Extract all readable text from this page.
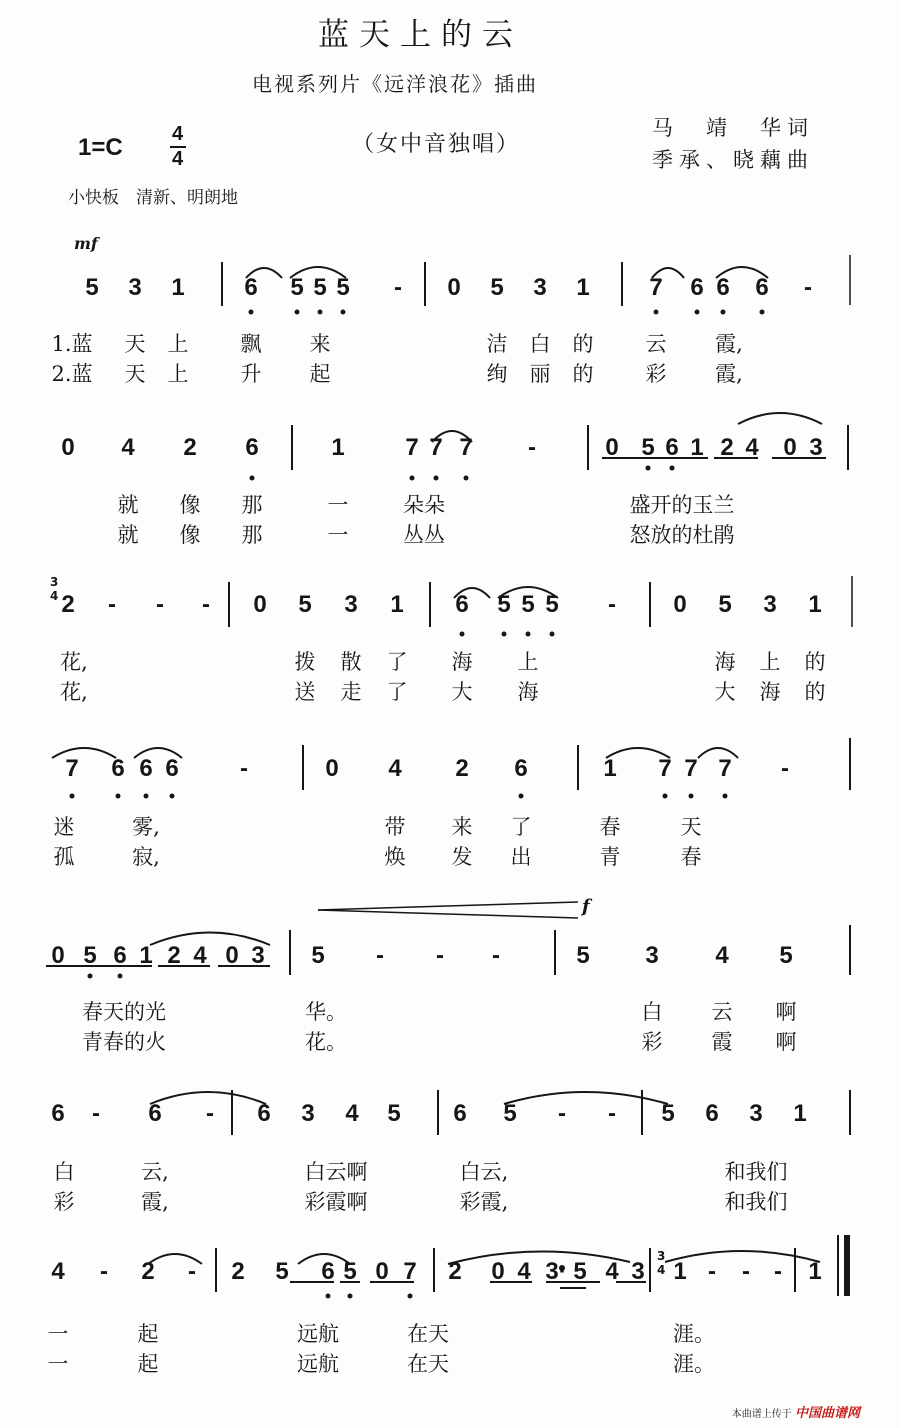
蓝天上的云
电视系列片《远洋浪花》插曲
1=C 4
4
（女中音独唱）
马　靖　华词
季承、晓藕曲
小快板　清新、明朗地
mf
f
3
4
3
4
5	3	1	6	5 5 5	-	0	5	3	1	7	6 6	6	-
1.蓝	天	上	飘	来	洁	白	的	云	霞,
2.蓝	天	上	升	起	绚	丽	的	彩	霞,
0	4	2	6	1	7 7 7	-	0 5 6 1 2 4	0 3
就	像	那	一	朵朵	盛开的玉兰
就	像	那	一	丛丛	怒放的杜鹃
2	-	-	-	0	5	3	1	6	5 5 5	-	0	5	3	1
花,	拨	散	了	海	上	海	上	的
花,	送	走	了	大	海	大	海	的
7	6 6 6	-	0	4	2	6	1	7 7 7	-
迷	雾,	带	来	了	春	天
孤	寂,	焕	发	出	青	春
0 5 6 1 2 4 0 3	5	-	-	-	5	3	4	5
春天的光	华。	白	云	啊
青春的火	花。	彩	霞	啊
6	-	6	-	6	3	4	5	6	5	-	-	5	6	3	1
白	云,	白云啊	白云,	和我们
彩	霞,	彩霞啊	彩霞,	和我们
4	-	2	-	2	5	6 5 0 7	2	0 4 3· 5 4 3	1 -	-	-	1
一	起	远航	在天	涯。
一	起	远航	在天	涯。
本曲谱上传于 中国曲谱网
